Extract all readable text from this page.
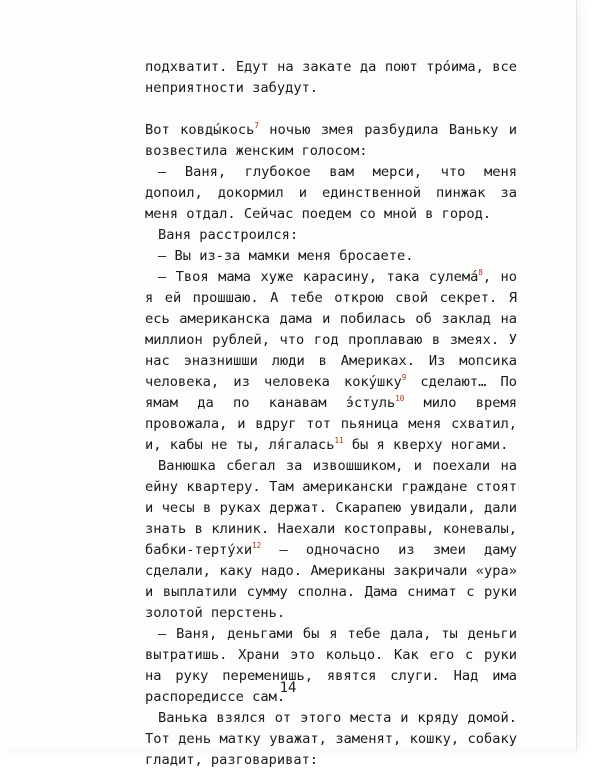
подхватит. Едут на закате да поют тро́има, все неприятности забудут.

Вот ковды́кось$^7$ ночью змея разбудила Ваньку и возвестила женским голосом:

— Ваня, глубокое вам мерси, что меня допоил, докормил и единственной пинжак за меня отдал. Сейчас поедем со мной в город.

Ваня расстроился:

— Вы из-за мамки меня бросаете.

— Твоя мама хуже карасину, така сулема́$^8$, но я ей прошшаю. А тебе открою свой секрет. Я есь американска дама и побилась об заклад на миллион рублей, что год проплаваю в змеях. У нас эназнишши люди в Америках. Из мопсика человека, из человека коку́шку$^9$ сделают… По ямам да по канавам э́стуль$^{10}$ мило время провожала, и вдруг тот пьяница меня схватил, и, кабы не ты, ля́галась$^{11}$ бы я кверху ногами.

Ванюшка сбегал за извошшиком, и поехали на ейну квартеру. Там американски граждане стоят и чесы в руках держат. Скарапею увидали, дали знать в клиник. Наехали костоправы, коневалы, бабки-тертýхи$^{12}$ — одночасно из змеи даму сделали, каку надо. Американы закричали «ура» и выплатили сумму сполна. Дама снимат с руки золотой перстень.

— Ваня, деньгами бы я тебе дала, ты деньги вытратишь. Храни это кольцо. Как его с руки на руку переменишь, явятся слуги. Над има распоредиссе сам.

Ванька взялся от этого места и кряду домой. Тот день матку уважат, заменят, кошку, собаку гладит, разговариват:

14
